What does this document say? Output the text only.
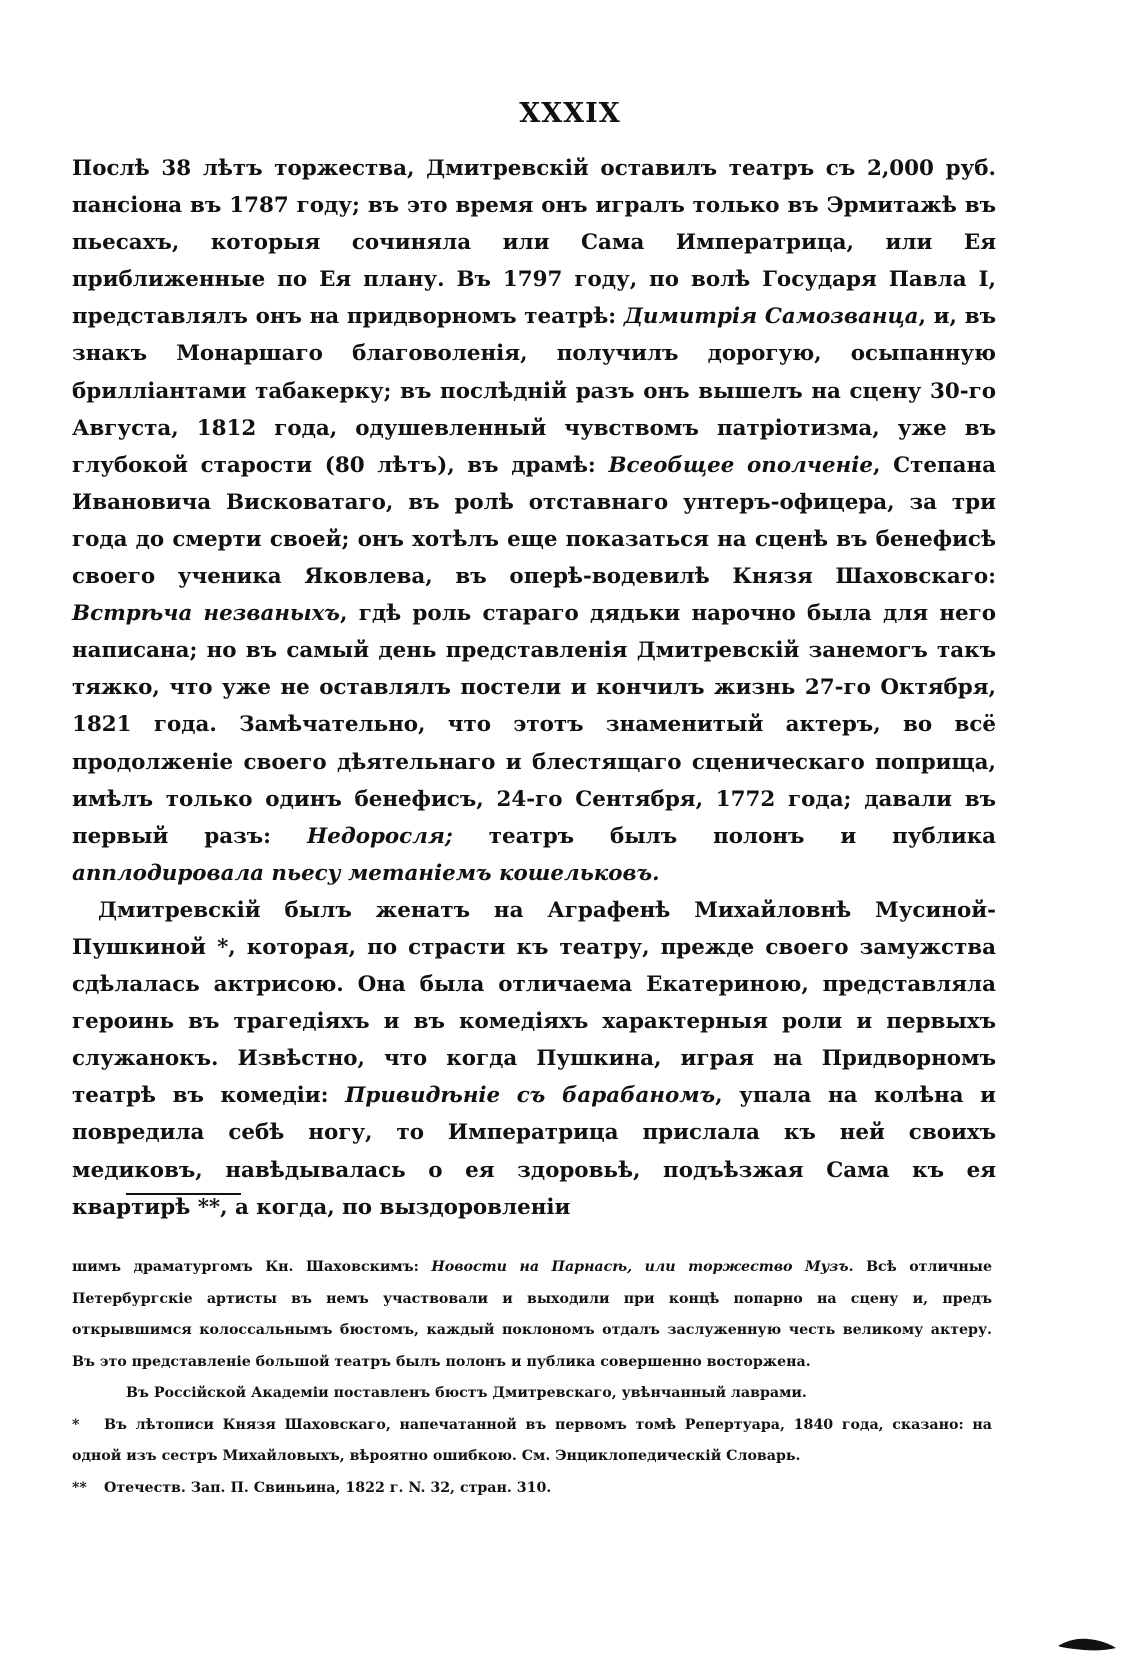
XXXIX

Послѣ 38 лѣтъ торжества, Дмитревскій оставилъ театръ съ 2,000 руб. пансіона въ 1787 году; въ это время онъ игралъ только въ Эрмитажѣ въ пьесахъ, которыя сочиняла или Сама Императрица, или Ея приближенные по Ея плану. Въ 1797 году, по волѣ Государя Павла I, представлялъ онъ на придворномъ театрѣ: Димитрія Самозванца, и, въ знакъ Монаршаго благоволенія, получилъ дорогую, осыпанную брилліантами табакерку; въ послѣдній разъ онъ вышелъ на сцену 30-го Августа, 1812 года, одушевленный чувствомъ патріотизма, уже въ глубокой старости (80 лѣтъ), въ драмѣ: Всеобщее ополченіе, Степана Ивановича Висковатаго, въ ролѣ отставнаго унтеръ-офицера, за три года до смерти своей; онъ хотѣлъ еще показаться на сценѣ въ бенефисѣ своего ученика Яковлева, въ оперѣ-водевилѣ Князя Шаховскаго: Встрѣча незваныхъ, гдѣ роль стараго дядьки нарочно была для него написана; но въ самый день представленія Дмитревскій занемогъ такъ тяжко, что уже не оставлялъ постели и кончилъ жизнь 27-го Октября, 1821 года. Замѣчательно, что этотъ знаменитый актеръ, во всё продолженіе своего дѣятельнаго и блестящаго сценическаго поприща, имѣлъ только одинъ бенефисъ, 24-го Сентября, 1772 года; давали въ первый разъ: Недоросля; театръ былъ полонъ и публика апплодировала пьесу метаніемъ кошельковъ.

Дмитревскій былъ женатъ на Аграфенѣ Михайловнѣ Мусиной-Пушкиной *, которая, по страсти къ театру, прежде своего замужства сдѣлалась актрисою. Она была отличаема Екатериною, представляла героинь въ трагедіяхъ и въ комедіяхъ характерныя роли и первыхъ служанокъ. Извѣстно, что когда Пушкина, играя на Придворномъ театрѣ въ комедіи: Привидѣніе съ барабаномъ, упала на колѣна и повредила себѣ ногу, то Императрица прислала къ ней своихъ медиковъ, навѣдывалась о ея здоровьѣ, подъѣзжая Сама къ ея квартирѣ **, а когда, по выздоровленіи

шимъ драматургомъ Кн. Шаховскимъ: Новости на Парнасѣ, или торжество Музъ. Всѣ отличные Петербургскіе артисты въ немъ участвовали и выходили при концѣ попарно на сцену и, предъ открывшимся колоссальнымъ бюстомъ, каждый поклономъ отдалъ заслуженную честь великому актеру. Въ это представленіе большой театръ былъ полонъ и публика совершенно восторжена.

Въ Россійской Академіи поставленъ бюстъ Дмитревскаго, увѣнчанный лаврами.

* Въ лѣтописи Князя Шаховскаго, напечатанной въ первомъ томѣ Репертуара, 1840 года, сказано: на одной изъ сестръ Михайловыхъ, вѣроятно ошибкою. См. Энциклопедическій Словарь.

** Отечеств. Зап. П. Свиньина, 1822 г. N. 32, стран. 310.
